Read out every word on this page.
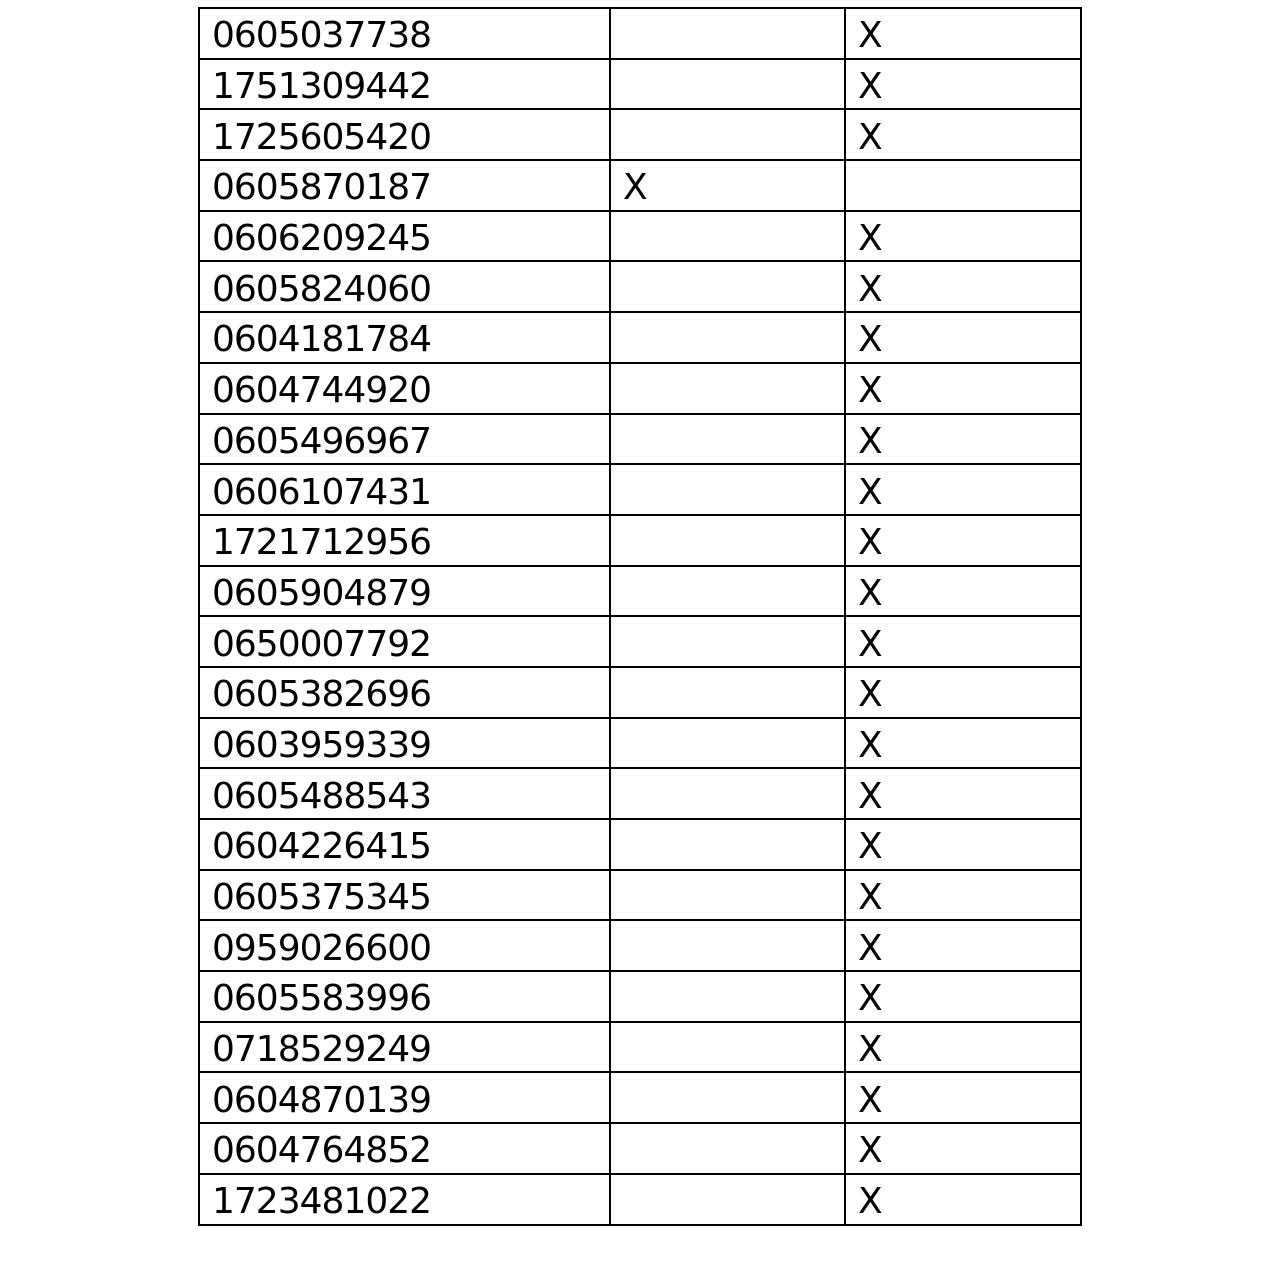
0605037738		X
1751309442		X
1725605420		X
0605870187	X	
0606209245		X
0605824060		X
0604181784		X
0604744920		X
0605496967		X
0606107431		X
1721712956		X
0605904879		X
0650007792		X
0605382696		X
0603959339		X
0605488543		X
0604226415		X
0605375345		X
0959026600		X
0605583996		X
0718529249		X
0604870139		X
0604764852		X
1723481022		X
